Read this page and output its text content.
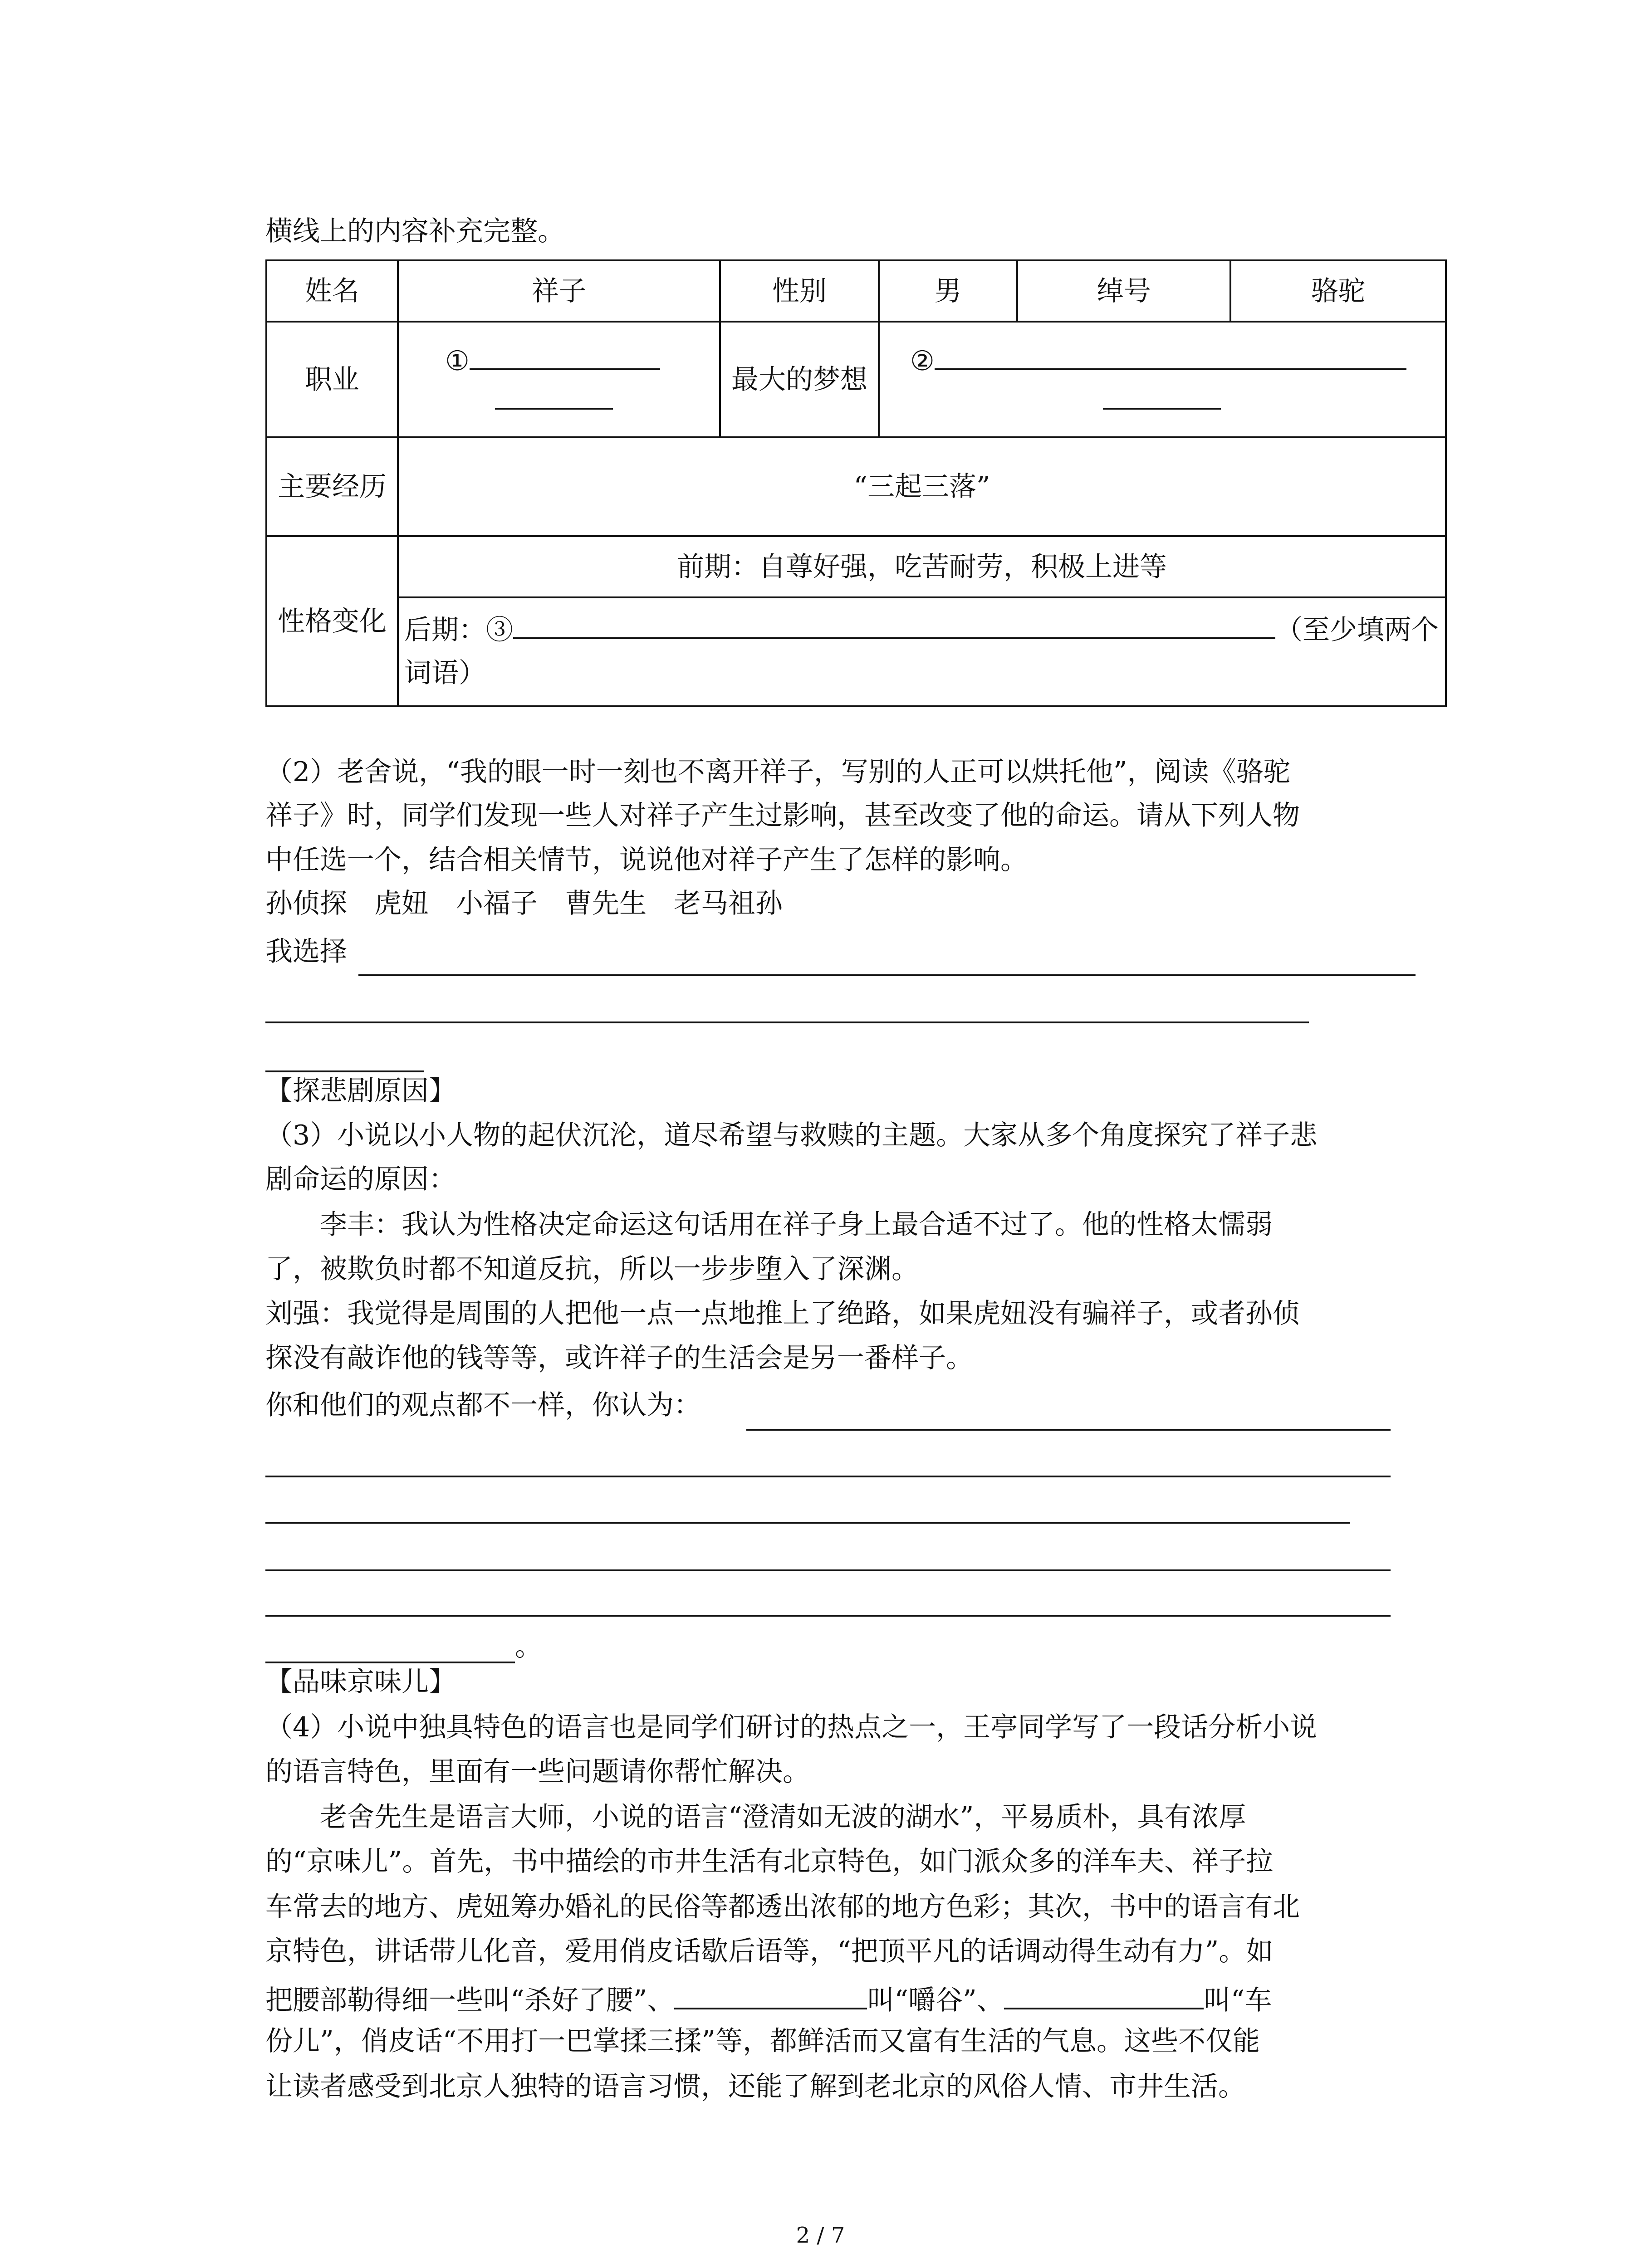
横线上的内容补充完整。
姓名	祥子	性别	男	绰号	骆驼
职业	①	最大的梦想	②		

主要经历	“三起三落”				
性格变化	前期：自尊好强，吃苦耐劳，积极上进等				
	后期：③ （至少填两个词语）				
（2）老舍说，“我的眼一时一刻也不离开祥子，写别的人正可以烘托他”，阅读《骆驼
祥子》时，同学们发现一些人对祥子产生过影响，甚至改变了他的命运。请从下列人物
中任选一个，结合相关情节，说说他对祥子产生了怎样的影响。
孙侦探　虎妞　小福子　曹先生　老马祖孙
我选择
【探悲剧原因】
（3）小说以小人物的起伏沉沦，道尽希望与救赎的主题。大家从多个角度探究了祥子悲
剧命运的原因：
李丰：我认为性格决定命运这句话用在祥子身上最合适不过了。他的性格太懦弱
了，被欺负时都不知道反抗，所以一步步堕入了深渊。
刘强：我觉得是周围的人把他一点一点地推上了绝路，如果虎妞没有骗祥子，或者孙侦
探没有敲诈他的钱等等，或许祥子的生活会是另一番样子。
你和他们的观点都不一样，你认为：
。
【品味京味儿】
（4）小说中独具特色的语言也是同学们研讨的热点之一，王亭同学写了一段话分析小说
的语言特色，里面有一些问题请你帮忙解决。
老舍先生是语言大师，小说的语言“澄清如无波的湖水”，平易质朴，具有浓厚
的“京味儿”。首先，书中描绘的市井生活有北京特色，如门派众多的洋车夫、祥子拉
车常去的地方、虎妞筹办婚礼的民俗等都透出浓郁的地方色彩；其次，书中的语言有北
京特色，讲话带儿化音，爱用俏皮话歇后语等，“把顶平凡的话调动得生动有力”。如
把腰部勒得细一些叫“杀好了腰”、	叫“嚼谷”、	叫“车
份儿”，俏皮话“不用打一巴掌揉三揉”等，都鲜活而又富有生活的气息。这些不仅能
让读者感受到北京人独特的语言习惯，还能了解到老北京的风俗人情、市井生活。
2 / 7
